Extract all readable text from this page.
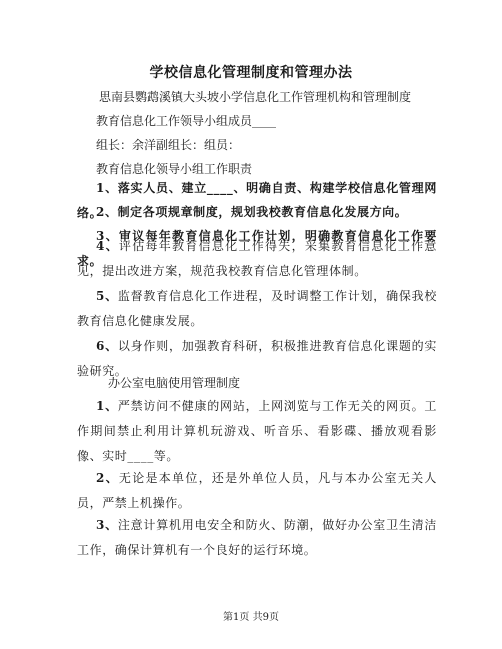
学校信息化管理制度和管理办法
思南县鹦鹉溪镇大头坡小学信息化工作管理机构和管理制度
教育信息化工作领导小组成员____
组长：余洋副组长：组员：
教育信息化领导小组工作职责
1、落实人员、建立____、明确自责、构建学校信息化管理网络。
2、制定各项规章制度，规划我校教育信息化发展方向。
3、审议每年教育信息化工作计划，明确教育信息化工作要求。
4、评估每年教育信息化工作得失，采集教育信息化工作意见，提出改进方案，规范我校教育信息化管理体制。
5、监督教育信息化工作进程，及时调整工作计划，确保我校教育信息化健康发展。
6、以身作则，加强教育科研，积极推进教育信息化课题的实验研究。
办公室电脑使用管理制度
1、严禁访问不健康的网站，上网浏览与工作无关的网页。工作期间禁止利用计算机玩游戏、听音乐、看影碟、播放观看影像、实时____等。
2、无论是本单位，还是外单位人员，凡与本办公室无关人员，严禁上机操作。
3、注意计算机用电安全和防火、防潮，做好办公室卫生清洁工作，确保计算机有一个良好的运行环境。
第1页 共9页
